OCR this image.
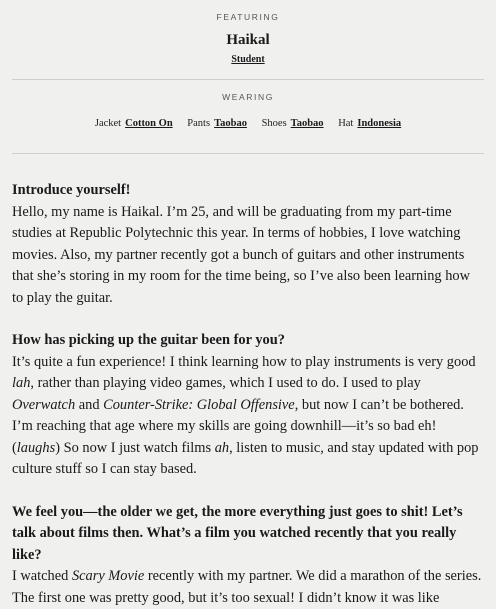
FEATURING
Haikal
Student
WEARING
Jacket Cotton On Pants Taobao Shoes Taobao Hat Indonesia
Introduce yourself!
Hello, my name is Haikal. I’m 25, and will be graduating from my part-time studies at Republic Polytechnic this year. In terms of hobbies, I love watching movies. Also, my partner recently got a bunch of guitars and other instruments that she’s storing in my room for the time being, so I’ve also been learning how to play the guitar.
How has picking up the guitar been for you?
It’s quite a fun experience! I think learning how to play instruments is very good lah, rather than playing video games, which I used to do. I used to play Overwatch and Counter-Strike: Global Offensive, but now I can’t be bothered. I’m reaching that age where my skills are going downhill—it’s so bad eh! (laughs) So now I just watch films ah, listen to music, and stay updated with pop culture stuff so I can stay based.
We feel you—the older we get, the more everything just goes to shit! Let’s talk about films then. What’s a film you watched recently that you really like?
I watched Scary Movie recently with my partner. We did a marathon of the series. The first one was pretty good, but it’s too sexual! I didn’t know it was like
